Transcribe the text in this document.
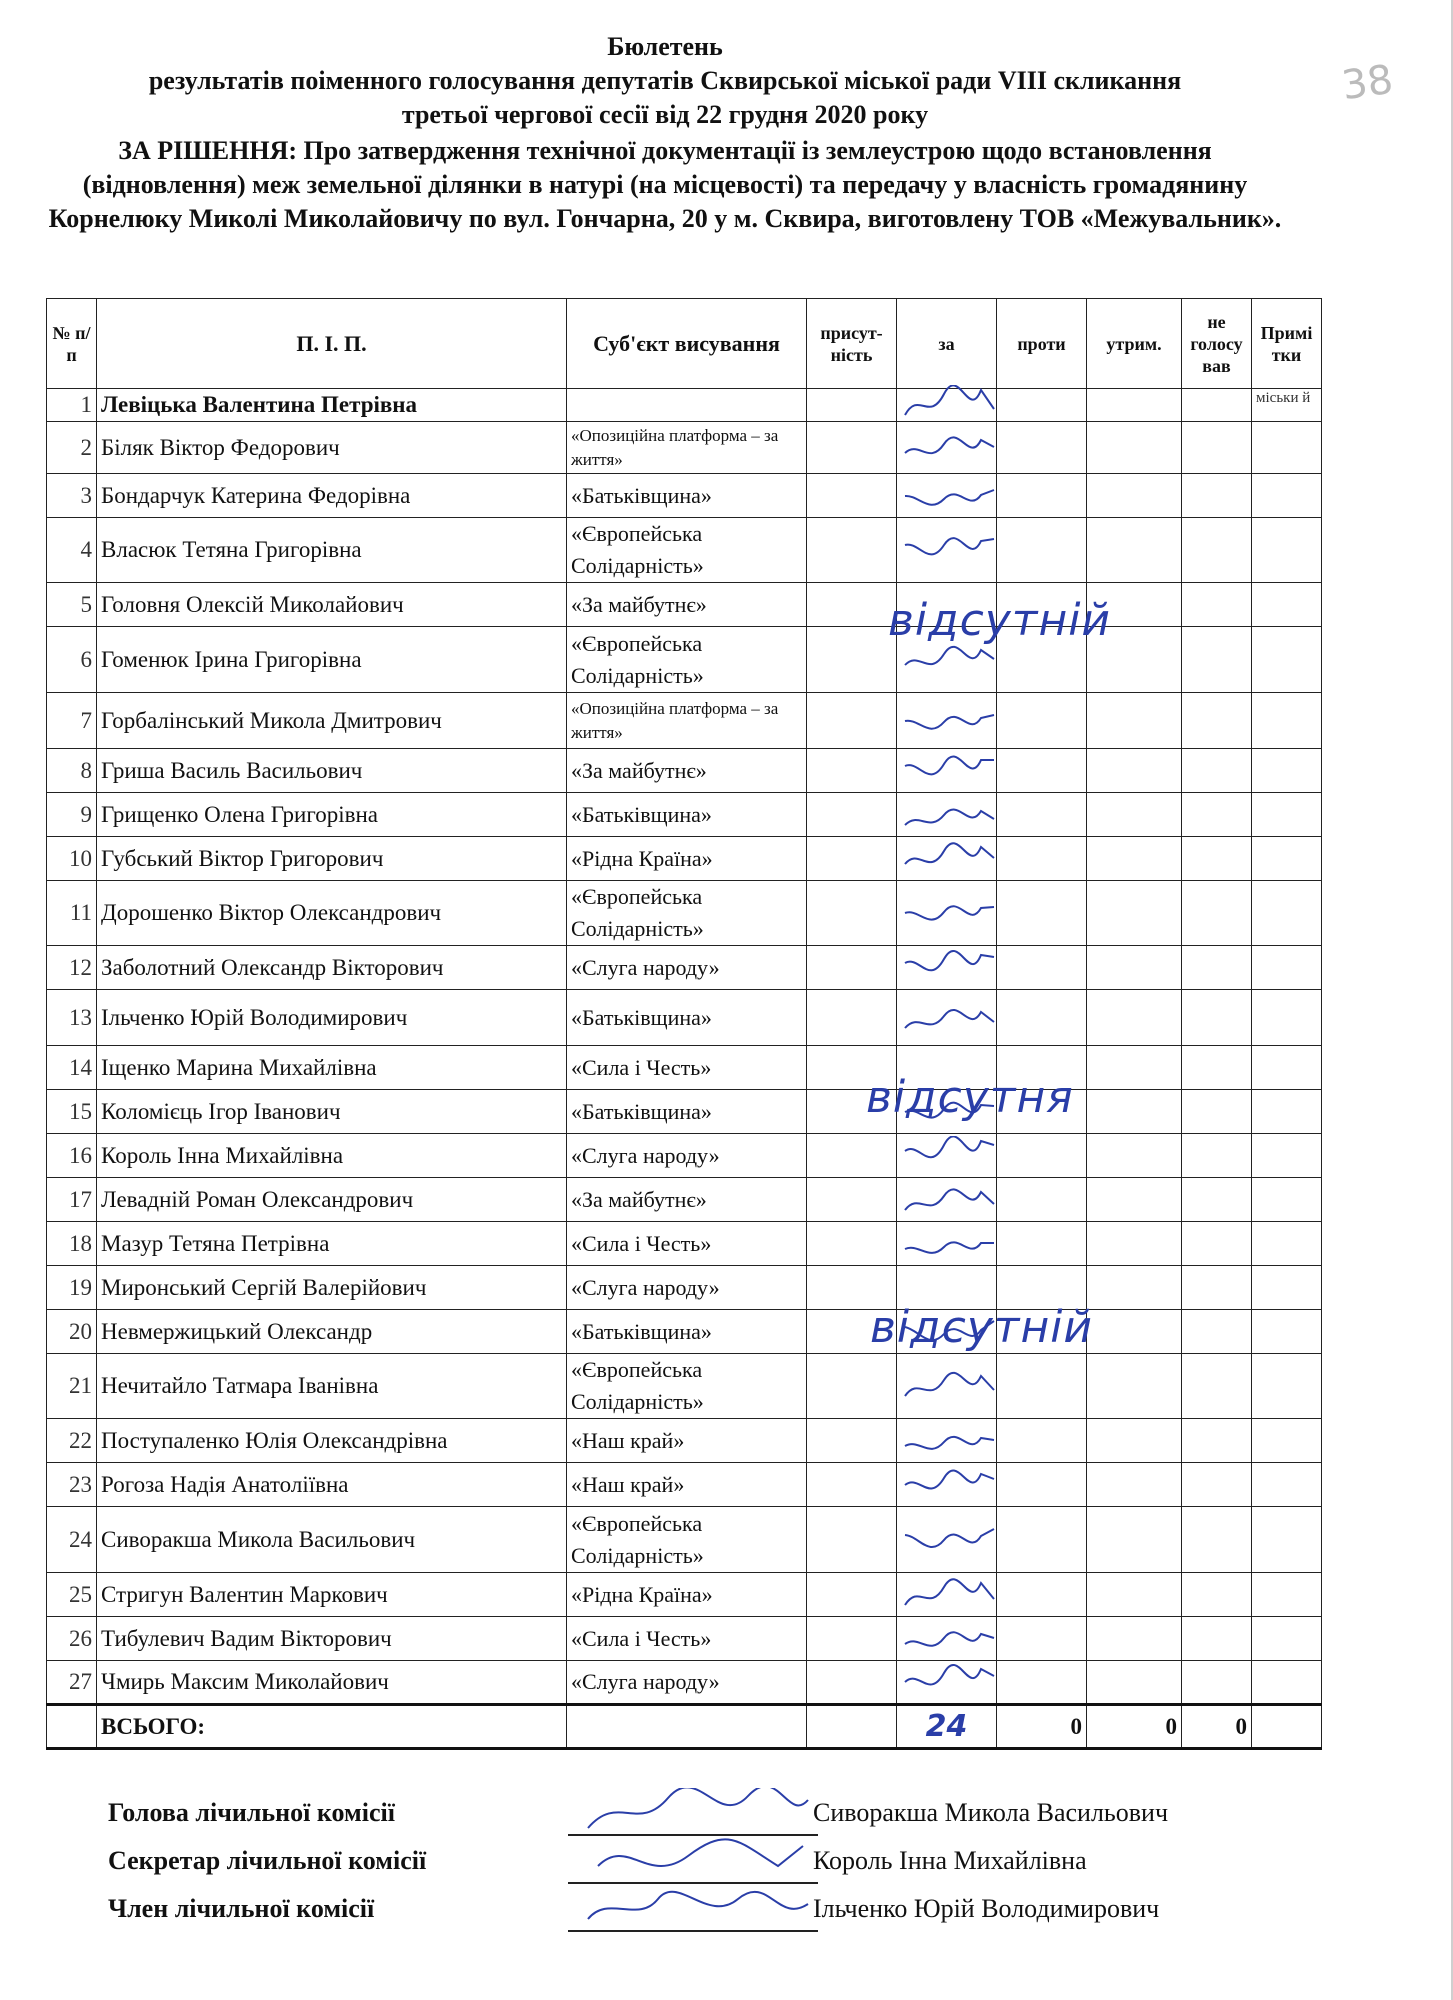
38
Бюлетень
результатів поіменного голосування депутатів Сквирської міської ради VIII скликання
третьої чергової сесії від 22 грудня 2020 року
ЗА РІШЕННЯ: Про затвердження технічної документації із землеустрою щодо встановлення (відновлення) меж земельної ділянки в натурі (на місцевості) та передачу у власність громадянину Корнелюку Миколі Миколайовичу по вул. Гончарна, 20 у м. Сквира, виготовлену ТОВ «Межувальник».
№ п/п	П. І. П.	Суб'єкт висування	присут-ність	за	проти	утрим.	не голосу вав	Примі тки
1	Левіцька Валентина Петрівна							міськи й
2	Біляк Віктор Федорович	«Опозиційна платформа – за життя»		

3	Бондарчук Катерина Федорівна	«Батьківщина»		

4	Власюк Тетяна Григорівна	«Європейська Солідарність»		

5	Головня Олексій Миколайович	«За майбутнє»						
6	Гоменюк Ірина Григорівна	«Європейська Солідарність»		

7	Горбалінський Микола Дмитрович	«Опозиційна платформа – за життя»		

8	Гриша Василь Васильович	«За майбутнє»		

9	Грищенко Олена Григорівна	«Батьківщина»		

10	Губський Віктор Григорович	«Рідна Країна»		

11	Дорошенко Віктор Олександрович	«Європейська Солідарність»		

12	Заболотний Олександр Вікторович	«Слуга народу»		

13	Ільченко Юрій Володимирович	«Батьківщина»		

14	Іщенко Марина Михайлівна	«Сила і Честь»						
15	Коломієць Ігор Іванович	«Батьківщина»		

16	Король Інна Михайлівна	«Слуга народу»		

17	Левадній Роман Олександрович	«За майбутнє»		

18	Мазур Тетяна Петрівна	«Сила і Честь»		

19	Миронський Сергій Валерійович	«Слуга народу»						
20	Невмержицький Олександр	«Батьківщина»		

21	Нечитайло Татмара Іванівна	«Європейська Солідарність»		

22	Поступаленко Юлія Олександрівна	«Наш край»		

23	Рогоза Надія Анатоліївна	«Наш край»		

24	Сиворакша Микола Васильович	«Європейська Солідарність»		

25	Стригун Валентин Маркович	«Рідна Країна»		

26	Тибулевич Вадим Вікторович	«Сила і Честь»		

27	Чмирь Максим Миколайович	«Слуга народу»		

	ВСЬОГО:			24	0	0	0	
відсутній
відсутня
відсутній
Голова лічильної комісії	Сиворакша Микола Васильович
Секретар лічильної комісії	Король Інна Михайлівна
Член лічильної комісії	Ільченко Юрій Володимирович
